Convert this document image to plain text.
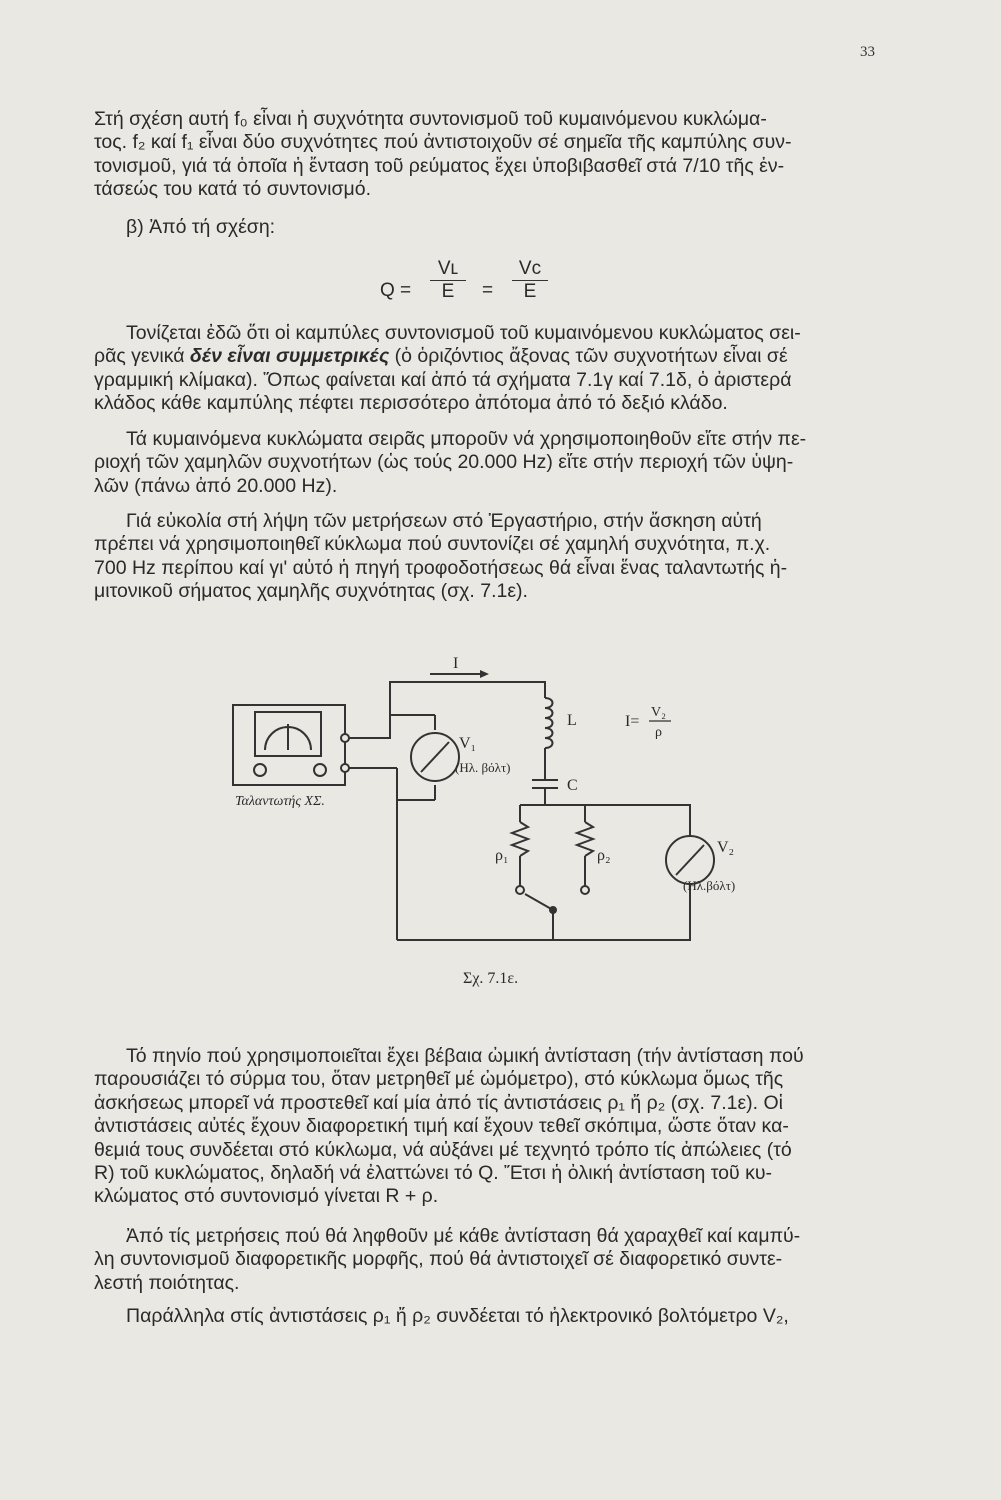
33
Στή σχέση αυτή f₀ εἶναι ἡ συχνότητα συντονισμοῦ τοῦ κυμαινόμενου κυκλώμα-
τος. f₂ καί f₁ εἶναι δύο συχνότητες πού ἀντιστοιχοῦν σέ σημεῖα τῆς καμπύλης συν-
τονισμοῦ, γιά τά ὁποῖα ἡ ἔνταση τοῦ ρεύματος ἔχει ὑποβιβασθεῖ στά 7/10 τῆς ἐν-
τάσεώς του κατά τό συντονισμό.
β) Ἀπό τή σχέση:
$Q = \frac{\text{Vʟ}}{E} = \frac{\text{Vᴄ}}{E}$
Τονίζεται ἐδῶ ὅτι οἱ καμπύλες συντονισμοῦ τοῦ κυμαινόμενου κυκλώματος σει-
ρᾶς γενικά δέν εἶναι συμμετρικές (ὁ ὁριζόντιος ἄξονας τῶν συχνοτήτων εἶναι σέ
γραμμική κλίμακα). Ὅπως φαίνεται καί ἀπό τά σχήματα 7.1γ καί 7.1δ, ὁ ἀριστερά
κλάδος κάθε καμπύλης πέφτει περισσότερο ἀπότομα ἀπό τό δεξιό κλάδο.
Τά κυμαινόμενα κυκλώματα σειρᾶς μποροῦν νά χρησιμοποιηθοῦν εἴτε στήν πε-
ριοχή τῶν χαμηλῶν συχνοτήτων (ὡς τούς 20.000 Hz) εἴτε στήν περιοχή τῶν ὑψη-
λῶν (πάνω ἀπό 20.000 Hz).
Γιά εὐκολία στή λήψη τῶν μετρήσεων στό Ἐργαστήριο, στήν ἄσκηση αὐτή
πρέπει νά χρησιμοποιηθεῖ κύκλωμα πού συντονίζει σέ χαμηλή συχνότητα, π.χ.
700 Hz περίπου καί γι' αὐτό ἡ πηγή τροφοδοτήσεως θά εἶναι ἕνας ταλαντωτής ἡ-
μιτονικοῦ σήματος χαμηλῆς συχνότητας (σχ. 7.1ε).
I
L
C
V₁
(Ηλ. βόλτ)
V₂
(Ηλ.βόλτ)
I=
V₂
ρ
ρ₁	ρ₂
Ταλαντωτής ΧΣ.
Σχ. 7.1ε.
Τό πηνίο πού χρησιμοποιεῖται ἔχει βέβαια ὠμική ἀντίσταση (τήν ἀντίσταση πού
παρουσιάζει τό σύρμα του, ὅταν μετρηθεῖ μέ ὠμόμετρο), στό κύκλωμα ὅμως τῆς
ἀσκήσεως μπορεῖ νά προστεθεῖ καί μία ἀπό τίς ἀντιστάσεις ρ₁ ἤ ρ₂ (σχ. 7.1ε). Οἱ
ἀντιστάσεις αὐτές ἔχουν διαφορετική τιμή καί ἔχουν τεθεῖ σκόπιμα, ὥστε ὅταν κα-
θεμιά τους συνδέεται στό κύκλωμα, νά αὐξάνει μέ τεχνητό τρόπο τίς ἀπώλειες (τό
R) τοῦ κυκλώματος, δηλαδή νά ἐλαττώνει τό Q. Ἔτσι ἡ ὀλική ἀντίσταση τοῦ κυ-
κλώματος στό συντονισμό γίνεται R + ρ.
Ἀπό τίς μετρήσεις πού θά ληφθοῦν μέ κάθε ἀντίσταση θά χαραχθεῖ καί καμπύ-
λη συντονισμοῦ διαφορετικῆς μορφῆς, πού θά ἀντιστοιχεῖ σέ διαφορετικό συντε-
λεστή ποιότητας.
Παράλληλα στίς ἀντιστάσεις ρ₁ ἤ ρ₂ συνδέεται τό ἠλεκτρονικό βολτόμετρο V₂,
